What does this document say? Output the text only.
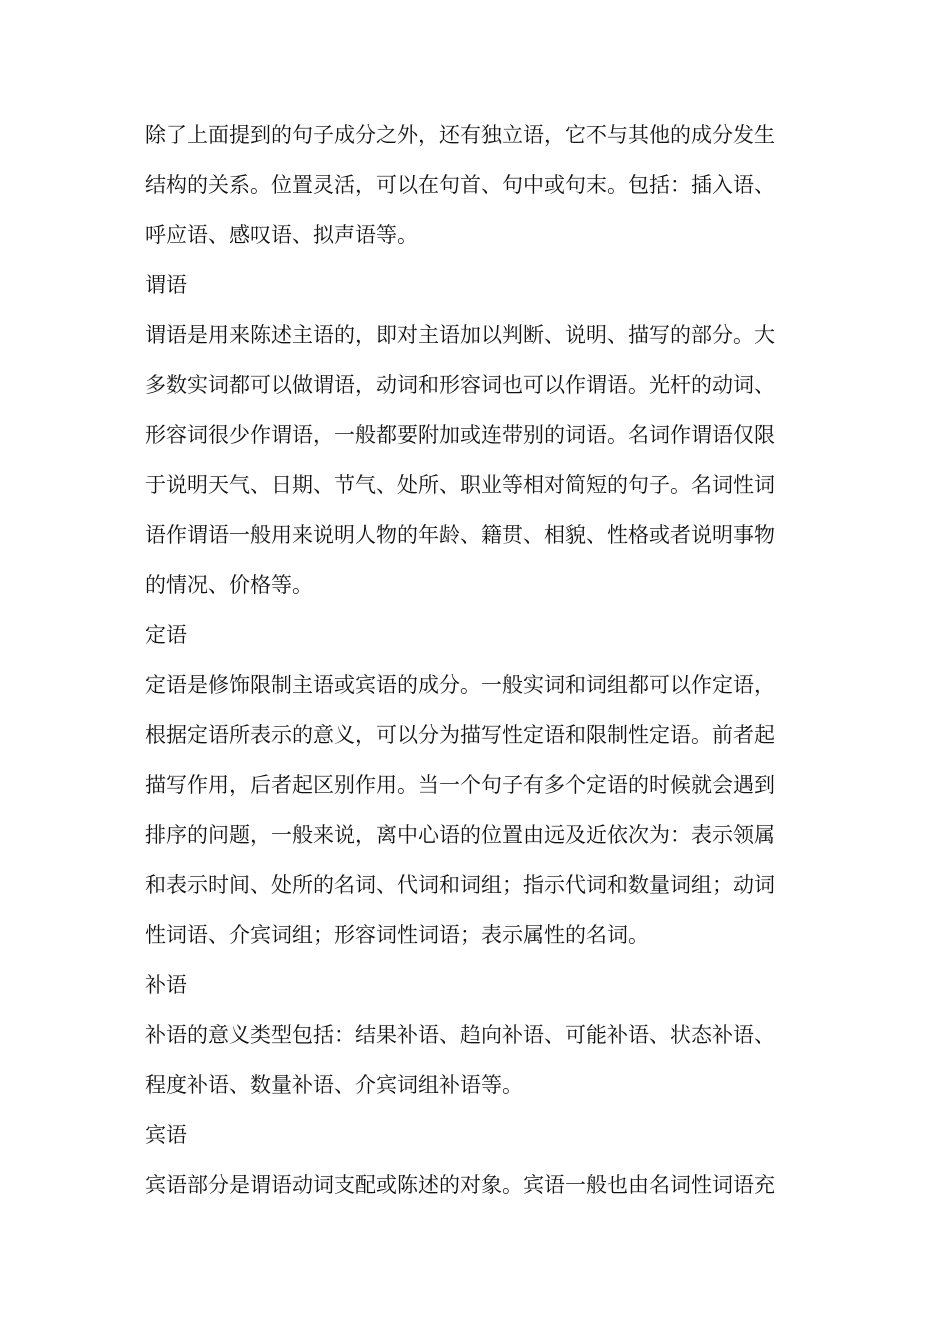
除了上面提到的句子成分之外，还有独立语，它不与其他的成分发生
结构的关系。位置灵活，可以在句首、句中或句末。包括：插入语、
呼应语、感叹语、拟声语等。
谓语
谓语是用来陈述主语的，即对主语加以判断、说明、描写的部分。大
多数实词都可以做谓语，动词和形容词也可以作谓语。光杆的动词、
形容词很少作谓语，一般都要附加或连带别的词语。名词作谓语仅限
于说明天气、日期、节气、处所、职业等相对简短的句子。名词性词
语作谓语一般用来说明人物的年龄、籍贯、相貌、性格或者说明事物
的情况、价格等。
定语
定语是修饰限制主语或宾语的成分。一般实词和词组都可以作定语，
根据定语所表示的意义，可以分为描写性定语和限制性定语。前者起
描写作用，后者起区别作用。当一个句子有多个定语的时候就会遇到
排序的问题，一般来说，离中心语的位置由远及近依次为：表示领属
和表示时间、处所的名词、代词和词组；指示代词和数量词组；动词
性词语、介宾词组；形容词性词语；表示属性的名词。
补语
补语的意义类型包括：结果补语、趋向补语、可能补语、状态补语、
程度补语、数量补语、介宾词组补语等。
宾语
宾语部分是谓语动词支配或陈述的对象。宾语一般也由名词性词语充
